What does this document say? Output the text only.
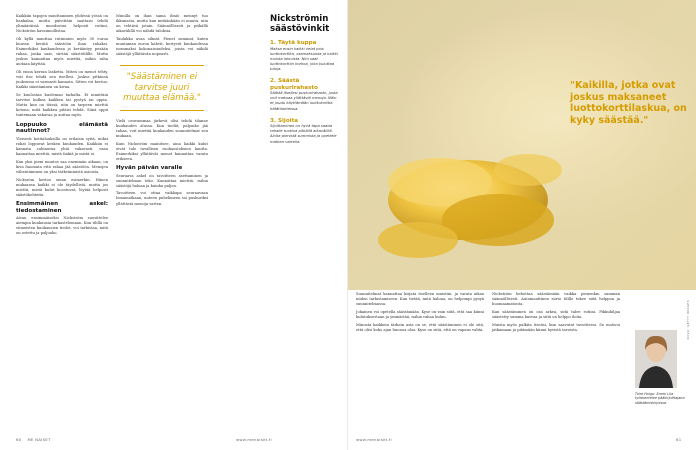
Kaikkiin tapojen muuttaminen yhdessä yössä on hankalaa, mutta päivittäin saattaisi tehdä ylimääräisiä muodostua helposti rutiini, Nickström havainnollistaa.

Oli kyllä muuttaa rutiinnien myös 30 euroa kuussa kerätä säästöön ihan rahaksi. Esimerkiksi kuukaudessa jo kerääntyy pesään rahaa, jonka saat, siirtää säästötilille. Mutta joskus kannattaa myös miettiä, mihin raha aiotaan käyttää.

Oli ensin kerran lasketta. Miten on menot tehty, voit itse tehdä sen itsellesi. Joskus pitkässä juoksussa ei varmasti kannata. Sitten voi kertoa: Kaikki säästäminen on kivaa.

Se kuulostaa kuoleman tarkalta. Ei nimittäin tarvitse kulkea kaikkea tai pystyä tai oppia. Mutta kun on töissä, niin on tarpeen miettiä kotona, mitä kaikkea pitäisi tehdä. Siinä oppii tuntemaan vakavaa ja auttaa myös.

Loppuuko elämästä nautinnot?

Yleisesti kotitalouksilla on erilaisia syitä, miksi rahat loppuvat kesken kuukauden. Kaikkiin ei kannata suhtautua yhtä vakavasti, vaan kannattaa miettiä, mistä tinkiä ja mistä ei.

Kun yksi pieni muutos saa enemmän aikaan, on kiva huomata että rahaa jää säästöön. Menojen vähentäminen on yksi tärkeimmistä asioista.

Nicksröm kertoo oman esimerkin. Hänen mukaansa kaikki ei ole täydellistä, mutta jos miettii, mistä kulut koostuvat, löytää helposti säästökohteita.

Ensimmäinen askel: tiedostaminen

Aivan ensimmäiseksi Nickström suosittelee aiempia kuukausia tarkastelemaan. Kun tilillä on viimeisten kuukausien tiedot, voi tarkistaa, mitä on ostettu ja paljonko.

Minulla on ihan sama ilmiö mennyt tuo ikkunasta, mutta kun mitäänkään ei muutu, niin on tehtävä jotain. Säännöllisesti ja pitkällä aikavälillä voi nähdä tuloksia.

Taulukko avaa silmät. Pienet summat, kuten muutaman euron kahvit, kertyvät kuukaudessa isommaksi kokonaisuudeksi, joista voi nähdä säästöjä yllättävän nopeasti.

"Säästäminen ei tarvitse juuri muuttaa elämää."

Vielä osuvammaa järkevä olisi tehdä tilanne kuukauden alussa. Kun tiedät, paljonko jää rahaa, voit miettiä kuukauden suunnitelmat sen mukaan.

Kuin Nickström mainitsee, aina kaikki kulut eivät tule tavallisen ruokaostoksien kautta. Esimerkiksi yllättävät menot kannattaa varata erikseen.

Hyvän päivän varalle

Seuraava askel on tavoitteen asettaminen ja suunnitelman teko. Kannattaa miettiä, mihin säästöjä haluaa ja kuinka paljon.

Tavoitteen voi ottaa vaikkapa seuraavaan lomamatkaan, uuteen puhelimeen tai puskuriksi yllättäviä menoja varten.

Nickströmin säästövinkit
1. Täytä kuppa
Maksa ensin kaikki velat pois luottokortilta, osamaksuista ja kaikki muista lainoista. Niin saat luottokorttiin korkoa, joka kuluttaa tuloja.
2. Säästä puskurirahasto
Säästä itsellesi puskurirahasto, josta voit maksaa yllättäviä menoja. Näin et joudu käyttämään luottokorttia hätätilanteissa.
3. Sijoita
Sijoittaminen on hyvä tapa saada rahalle tuottoa pitkällä aikavälillä. Aloita pienistä summista ja opettele matkan varrella.
60 ME NAISET	www.menaiset.fi
"Kaikilla, jotka ovat joskus maksaneet luottokorttilaskua, on kyky säästää."

Suunnitelmat kannattaa kirjata itselleen muistiin, ja varata aikaa niiden tarkistamiseen. Kun tietää, mitä haluaa, on helpompi pysyä suunnitelmassa.

Jokainen voi opetella säästämään. Kyse on vain siitä, että saa kiinni kulutuksestaan ja ymmärtää, mihin rahaa kuluu.

Minusta kaikkein tärkein asia on se, että säästäminen ei ole sitä, että olisi koko ajan huonoa oloa. Kyse on siitä, että on vapaus valita.

Nickström kehottaa säästämään vaikka pienenkin summan säännöllisesti. Automaattinen siirto tilille tekee siitä helppoa ja huomaamatonta.

Kun säästäminen on osa arkea, siitä tulee rutiini. Pikkuhiljaa säästetty summa kasvaa ja siitä on helppo iloita.

Muista myös palkita itseäsi, kun saavutat tavoitteesi. Se motivoi jatkamaan ja pitämään kiinni hyvistä tavoista.	KUVA: GETTY IMAGES
Tuire Hoigu: Emmi Lila työskentelee pääkirjoittajana säästämiskirjoissa.
www.menaiset.fi	61
